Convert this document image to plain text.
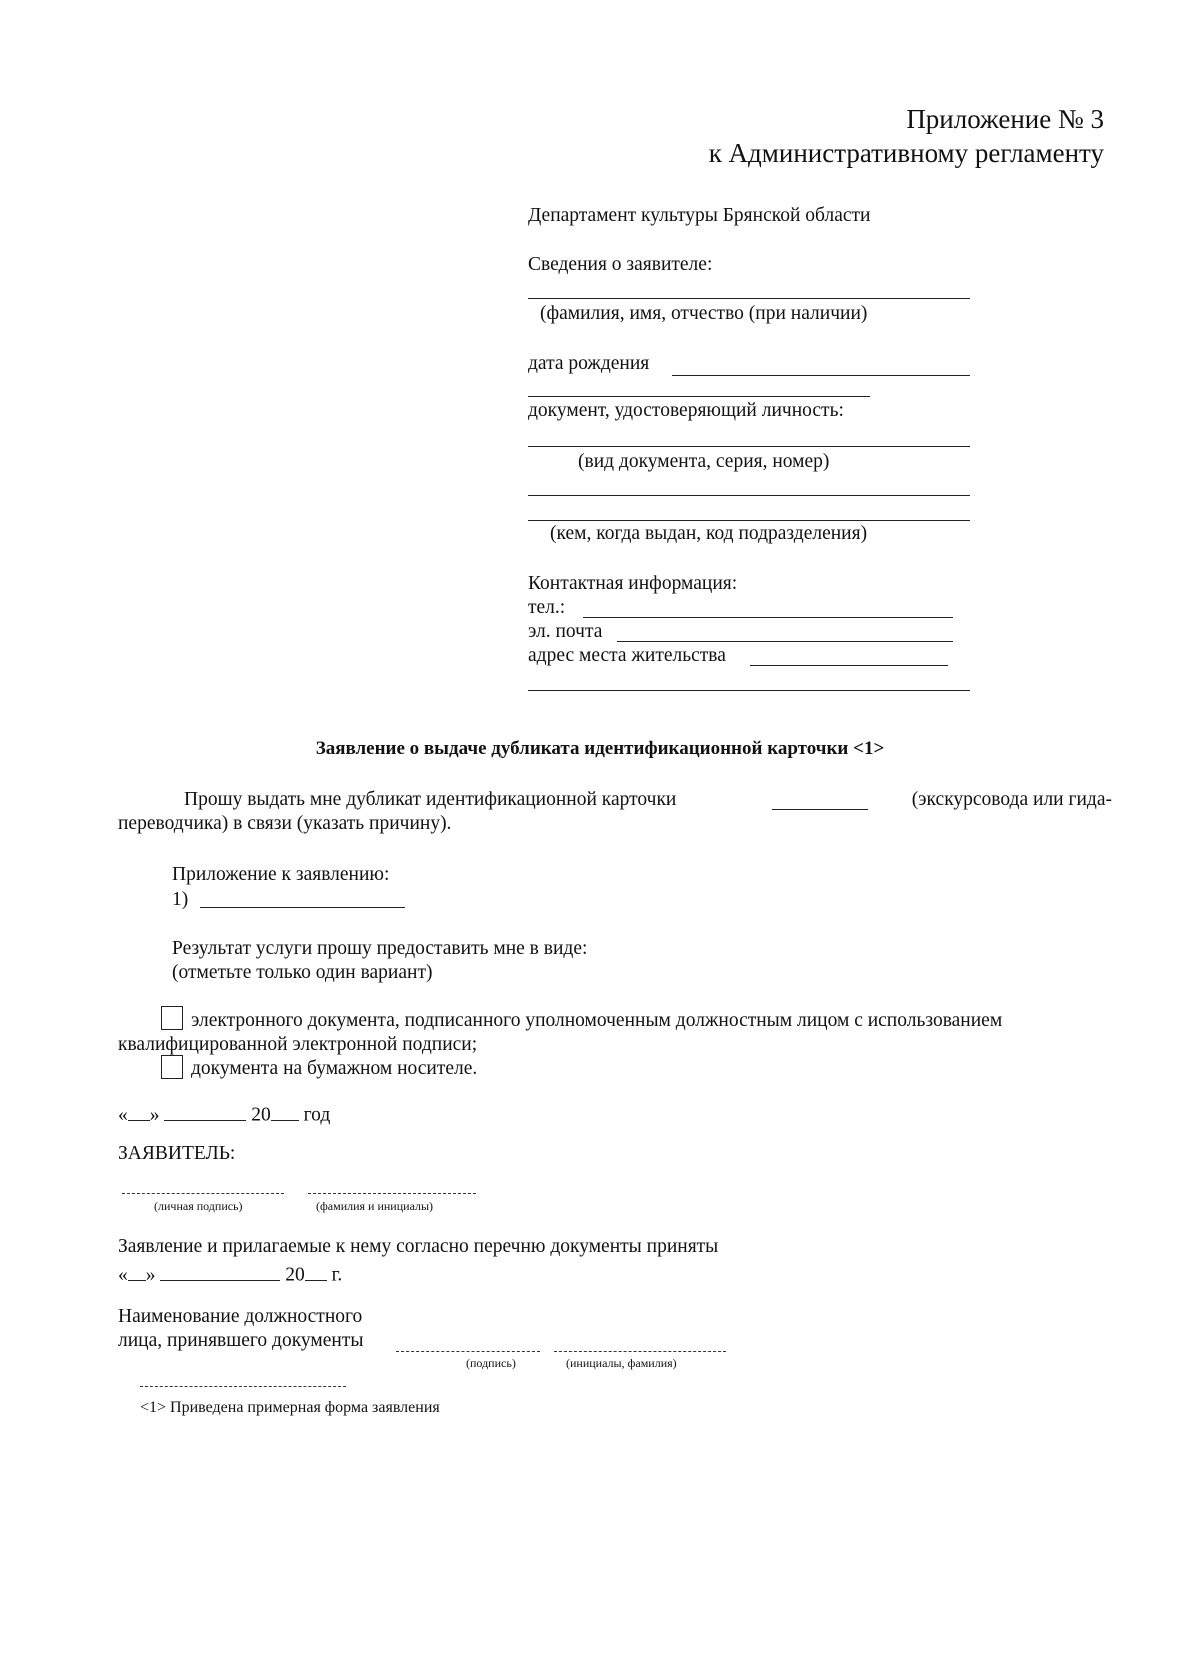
Приложение № 3
к Административному регламенту
Департамент культуры Брянской области
Сведения о заявителе:
(фамилия, имя, отчество (при наличии)
дата рождения
документ, удостоверяющий личность:
(вид документа, серия, номер)
(кем, когда выдан, код подразделения)
Контактная информация:
тел.:
эл. почта
адрес места жительства
Заявление о выдаче дубликата идентификационной карточки <1>
Прошу выдать мне дубликат идентификационной карточки	(экскурсовода или гида-
переводчика) в связи (указать причину).
Приложение к заявлению:
1)
Результат услуги прошу предоставить мне в виде:
(отметьте только один вариант)
электронного документа, подписанного уполномоченным должностным лицом с использованием
квалифицированной электронной подписи;
документа на бумажном носителе.
« »	20 год
ЗАЯВИТЕЛЬ:
(личная подпись)	(фамилия и инициалы)
Заявление и прилагаемые к нему согласно перечню документы приняты
« »	20 г.
Наименование должностного
лица, принявшего документы
(подпись)	(инициалы, фамилия)
<1> Приведена примерная форма заявления
